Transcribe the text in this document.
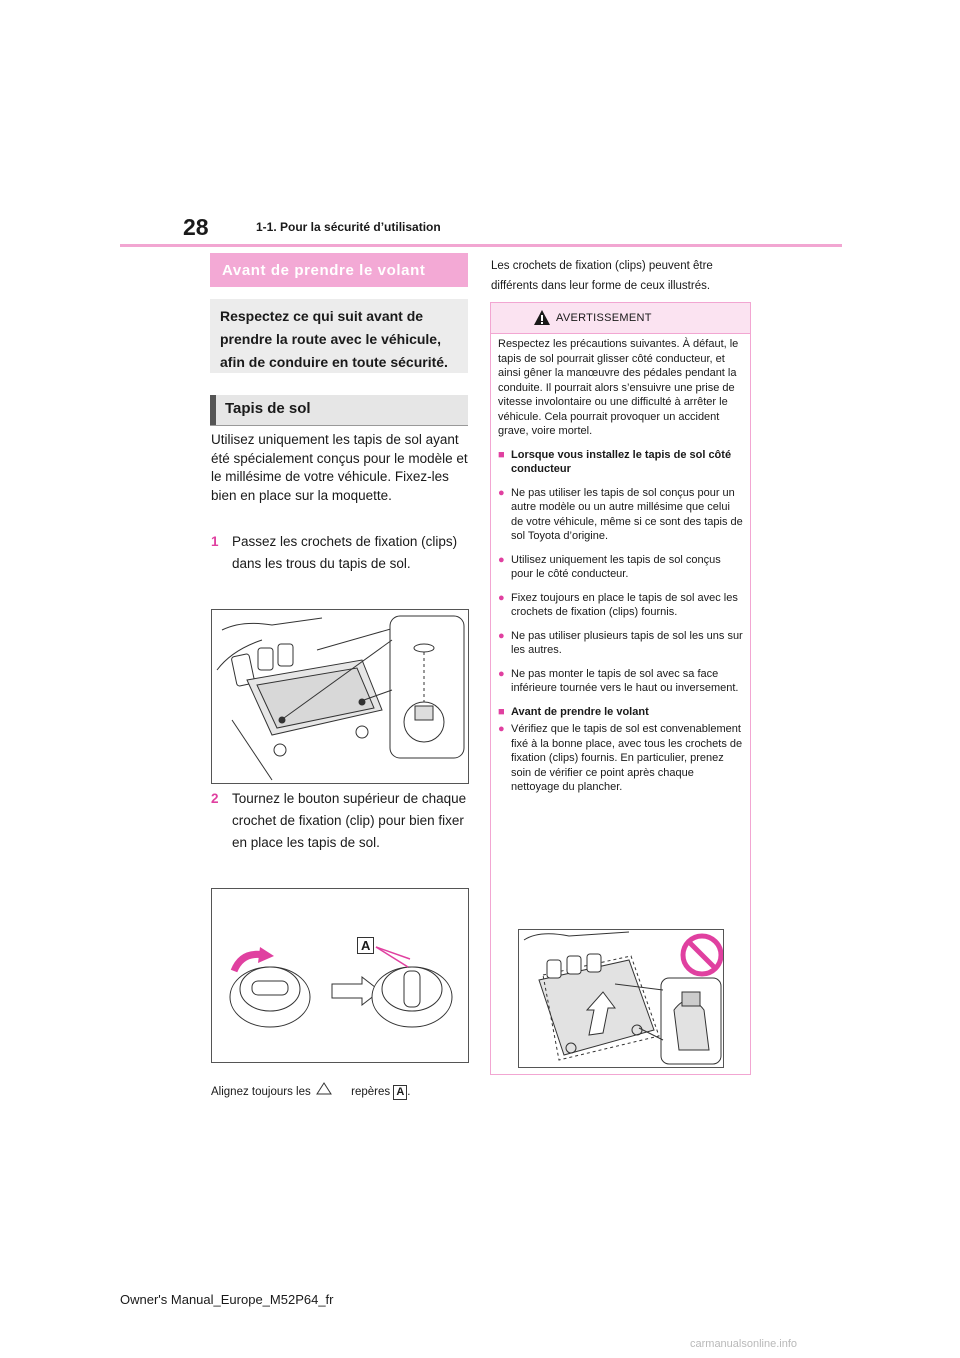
28	1-1. Pour la sécurité d’utilisation
Avant de prendre le volant

Respectez ce qui suit avant de prendre la route avec le véhicule, afin de conduire en toute sécurité.

Tapis de sol

Utilisez uniquement les tapis de sol ayant été spécialement conçus pour le modèle et le millésime de votre véhicule. Fixez-les bien en place sur la moquette.

1 Passez les crochets de fixation (clips) dans les trous du tapis de sol.
2 Tournez le bouton supérieur de chaque crochet de fixation (clip) pour bien fixer en place les tapis de sol.
A
Alignez toujours les	repères A .

Les crochets de fixation (clips) peuvent être différents dans leur forme de ceux illustrés.

AVERTISSEMENT

Respectez les précautions suivantes. À défaut, le tapis de sol pourrait glisser côté conducteur, et ainsi gêner la manœuvre des pédales pendant la conduite. Il pourrait alors s’ensuivre une prise de vitesse involontaire ou une difficulté à arrêter le véhicule. Cela pourrait provoquer un accident grave, voire mortel.

■ Lorsque vous installez le tapis de sol côté conducteur
● Ne pas utiliser les tapis de sol conçus pour un autre modèle ou un autre millésime que celui de votre véhicule, même si ce sont des tapis de sol Toyota d’origine.
● Utilisez uniquement les tapis de sol conçus pour le côté conducteur.
● Fixez toujours en place le tapis de sol avec les crochets de fixation (clips) fournis.
● Ne pas utiliser plusieurs tapis de sol les uns sur les autres.
● Ne pas monter le tapis de sol avec sa face inférieure tournée vers le haut ou inversement.
■ Avant de prendre le volant
● Vérifiez que le tapis de sol est convenablement fixé à la bonne place, avec tous les crochets de fixation (clips) fournis. En particulier, prenez soin de vérifier ce point après chaque nettoyage du plancher.
Owner's Manual_Europe_M52P64_fr
carmanualsonline.info
